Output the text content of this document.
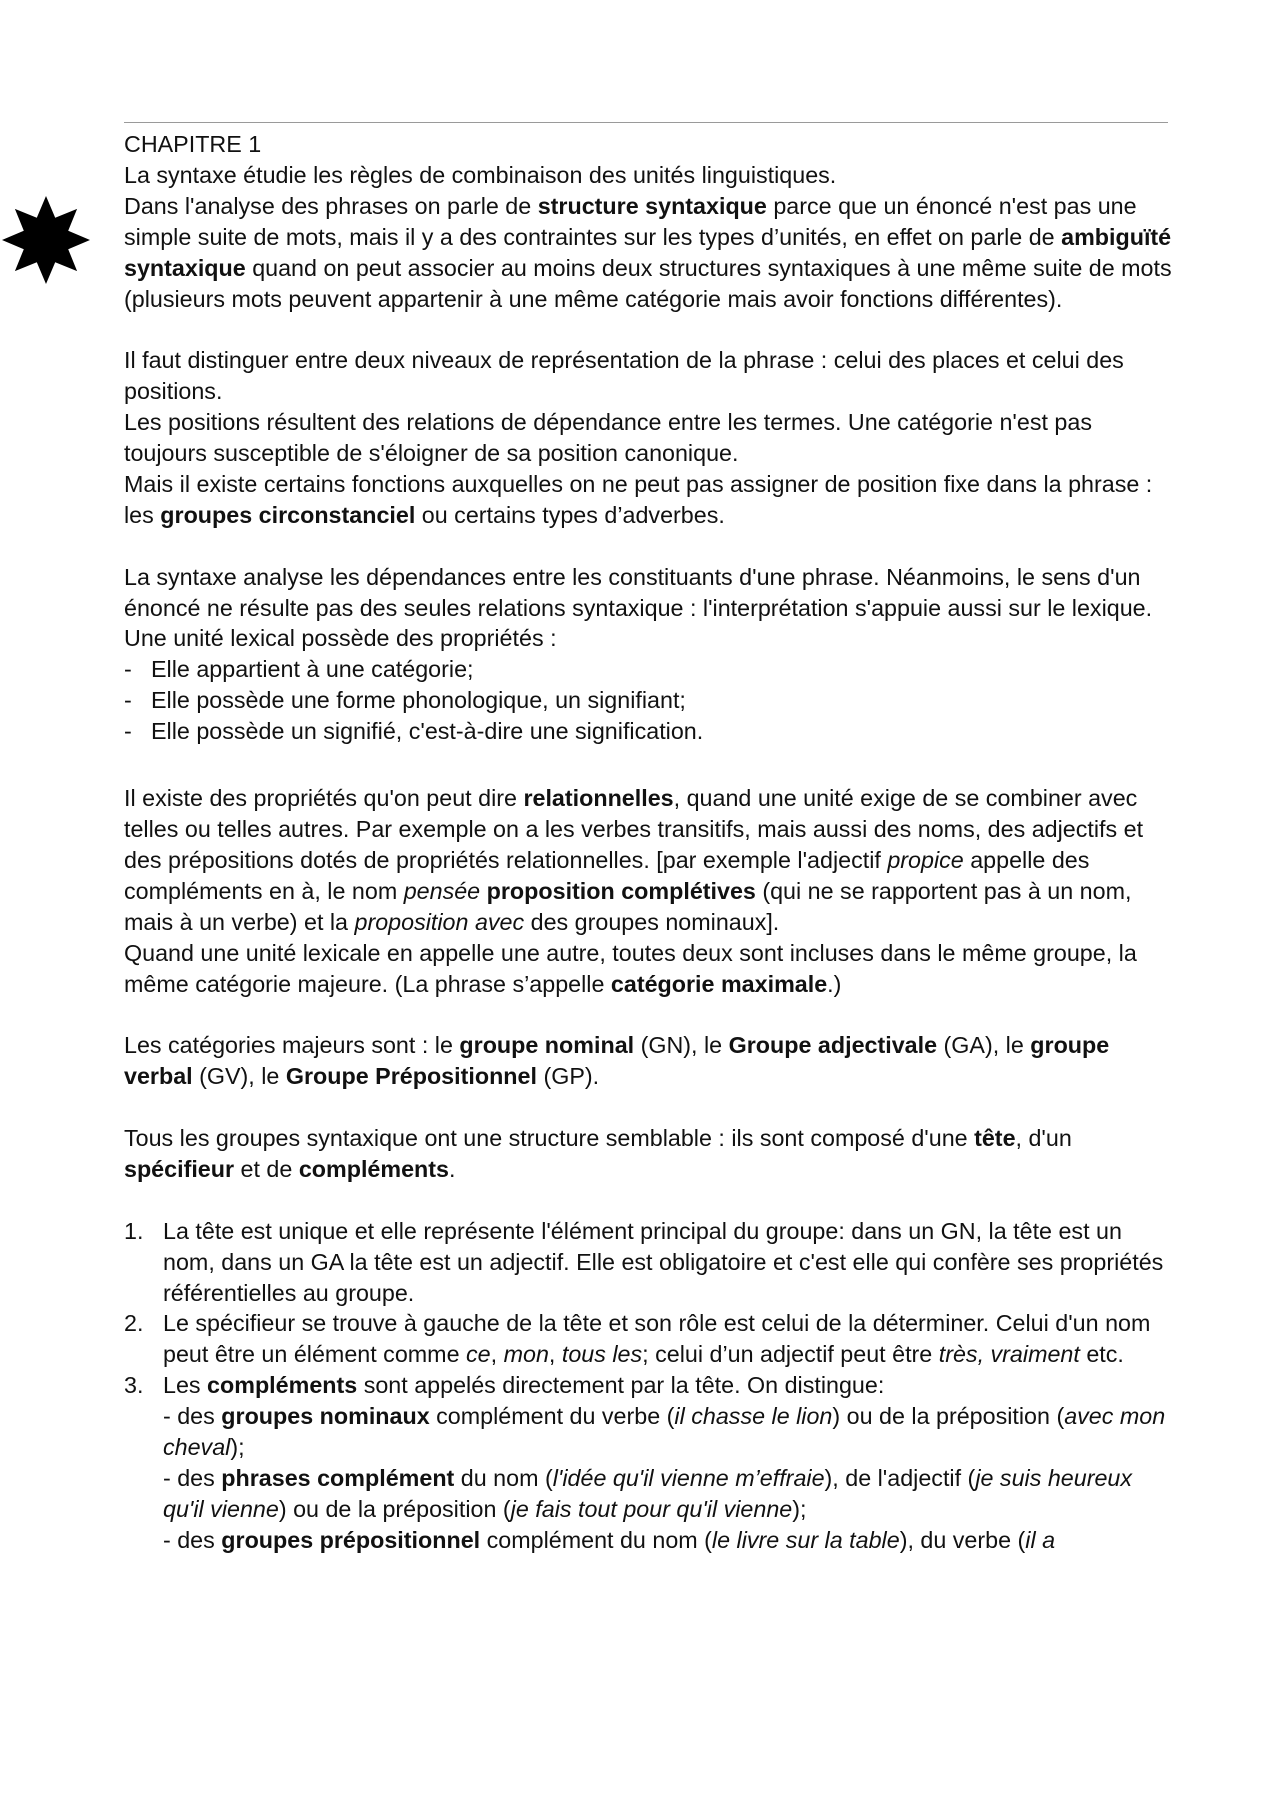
CHAPITRE 1

La syntaxe étudie les règles de combinaison des unités linguistiques.

Dans l'analyse des phrases on parle de structure syntaxique parce que un énoncé n'est pas une simple suite de mots, mais il y a des contraintes sur les types d’unités, en effet on parle de ambiguïté syntaxique quand on peut associer au moins deux structures syntaxiques à une même suite de mots (plusieurs mots peuvent appartenir à une même catégorie mais avoir fonctions différentes).

Il faut distinguer entre deux niveaux de représentation de la phrase : celui des places et celui des positions.

Les positions résultent des relations de dépendance entre les termes. Une catégorie n'est pas toujours susceptible de s'éloigner de sa position canonique.

Mais il existe certains fonctions auxquelles on ne peut pas assigner de position fixe dans la phrase : les groupes circonstanciel ou certains types d’adverbes.

La syntaxe analyse les dépendances entre les constituants d'une phrase. Néanmoins, le sens d'un énoncé ne résulte pas des seules relations syntaxique : l'interprétation s'appuie aussi sur le lexique.

Une unité lexical possède des propriétés :

- Elle appartient à une catégorie;

- Elle possède une forme phonologique, un signifiant;

- Elle possède un signifié, c'est-à-dire une signification.

Il existe des propriétés qu'on peut dire relationnelles, quand une unité exige de se combiner avec telles ou telles autres. Par exemple on a les verbes transitifs, mais aussi des noms, des adjectifs et des prépositions dotés de propriétés relationnelles. [par exemple l'adjectif propice appelle des compléments en à, le nom pensée proposition complétives (qui ne se rapportent pas à un nom, mais à un verbe) et la proposition avec des groupes nominaux].

Quand une unité lexicale en appelle une autre, toutes deux sont incluses dans le même groupe, la même catégorie majeure. (La phrase s’appelle catégorie maximale.)

Les catégories majeurs sont : le groupe nominal (GN), le Groupe adjectivale (GA), le groupe verbal (GV), le Groupe Prépositionnel (GP).

Tous les groupes syntaxique ont une structure semblable : ils sont composé d'une tête, d'un spécifieur et de compléments.

1. La tête est unique et elle représente l'élément principal du groupe: dans un GN, la tête est un nom, dans un GA la tête est un adjectif. Elle est obligatoire et c'est elle qui confère ses propriétés référentielles au groupe.

2. Le spécifieur se trouve à gauche de la tête et son rôle est celui de la déterminer. Celui d'un nom peut être un élément comme ce, mon, tous les; celui d’un adjectif peut être très, vraiment etc.

3. Les compléments sont appelés directement par la tête. On distingue:

- des groupes nominaux complément du verbe (il chasse le lion) ou de la préposition (avec mon cheval);

- des phrases complément du nom (l'idée qu'il vienne m’effraie), de l'adjectif (je suis heureux qu'il vienne) ou de la préposition (je fais tout pour qu'il vienne);

- des groupes prépositionnel complément du nom (le livre sur la table), du verbe (il a
